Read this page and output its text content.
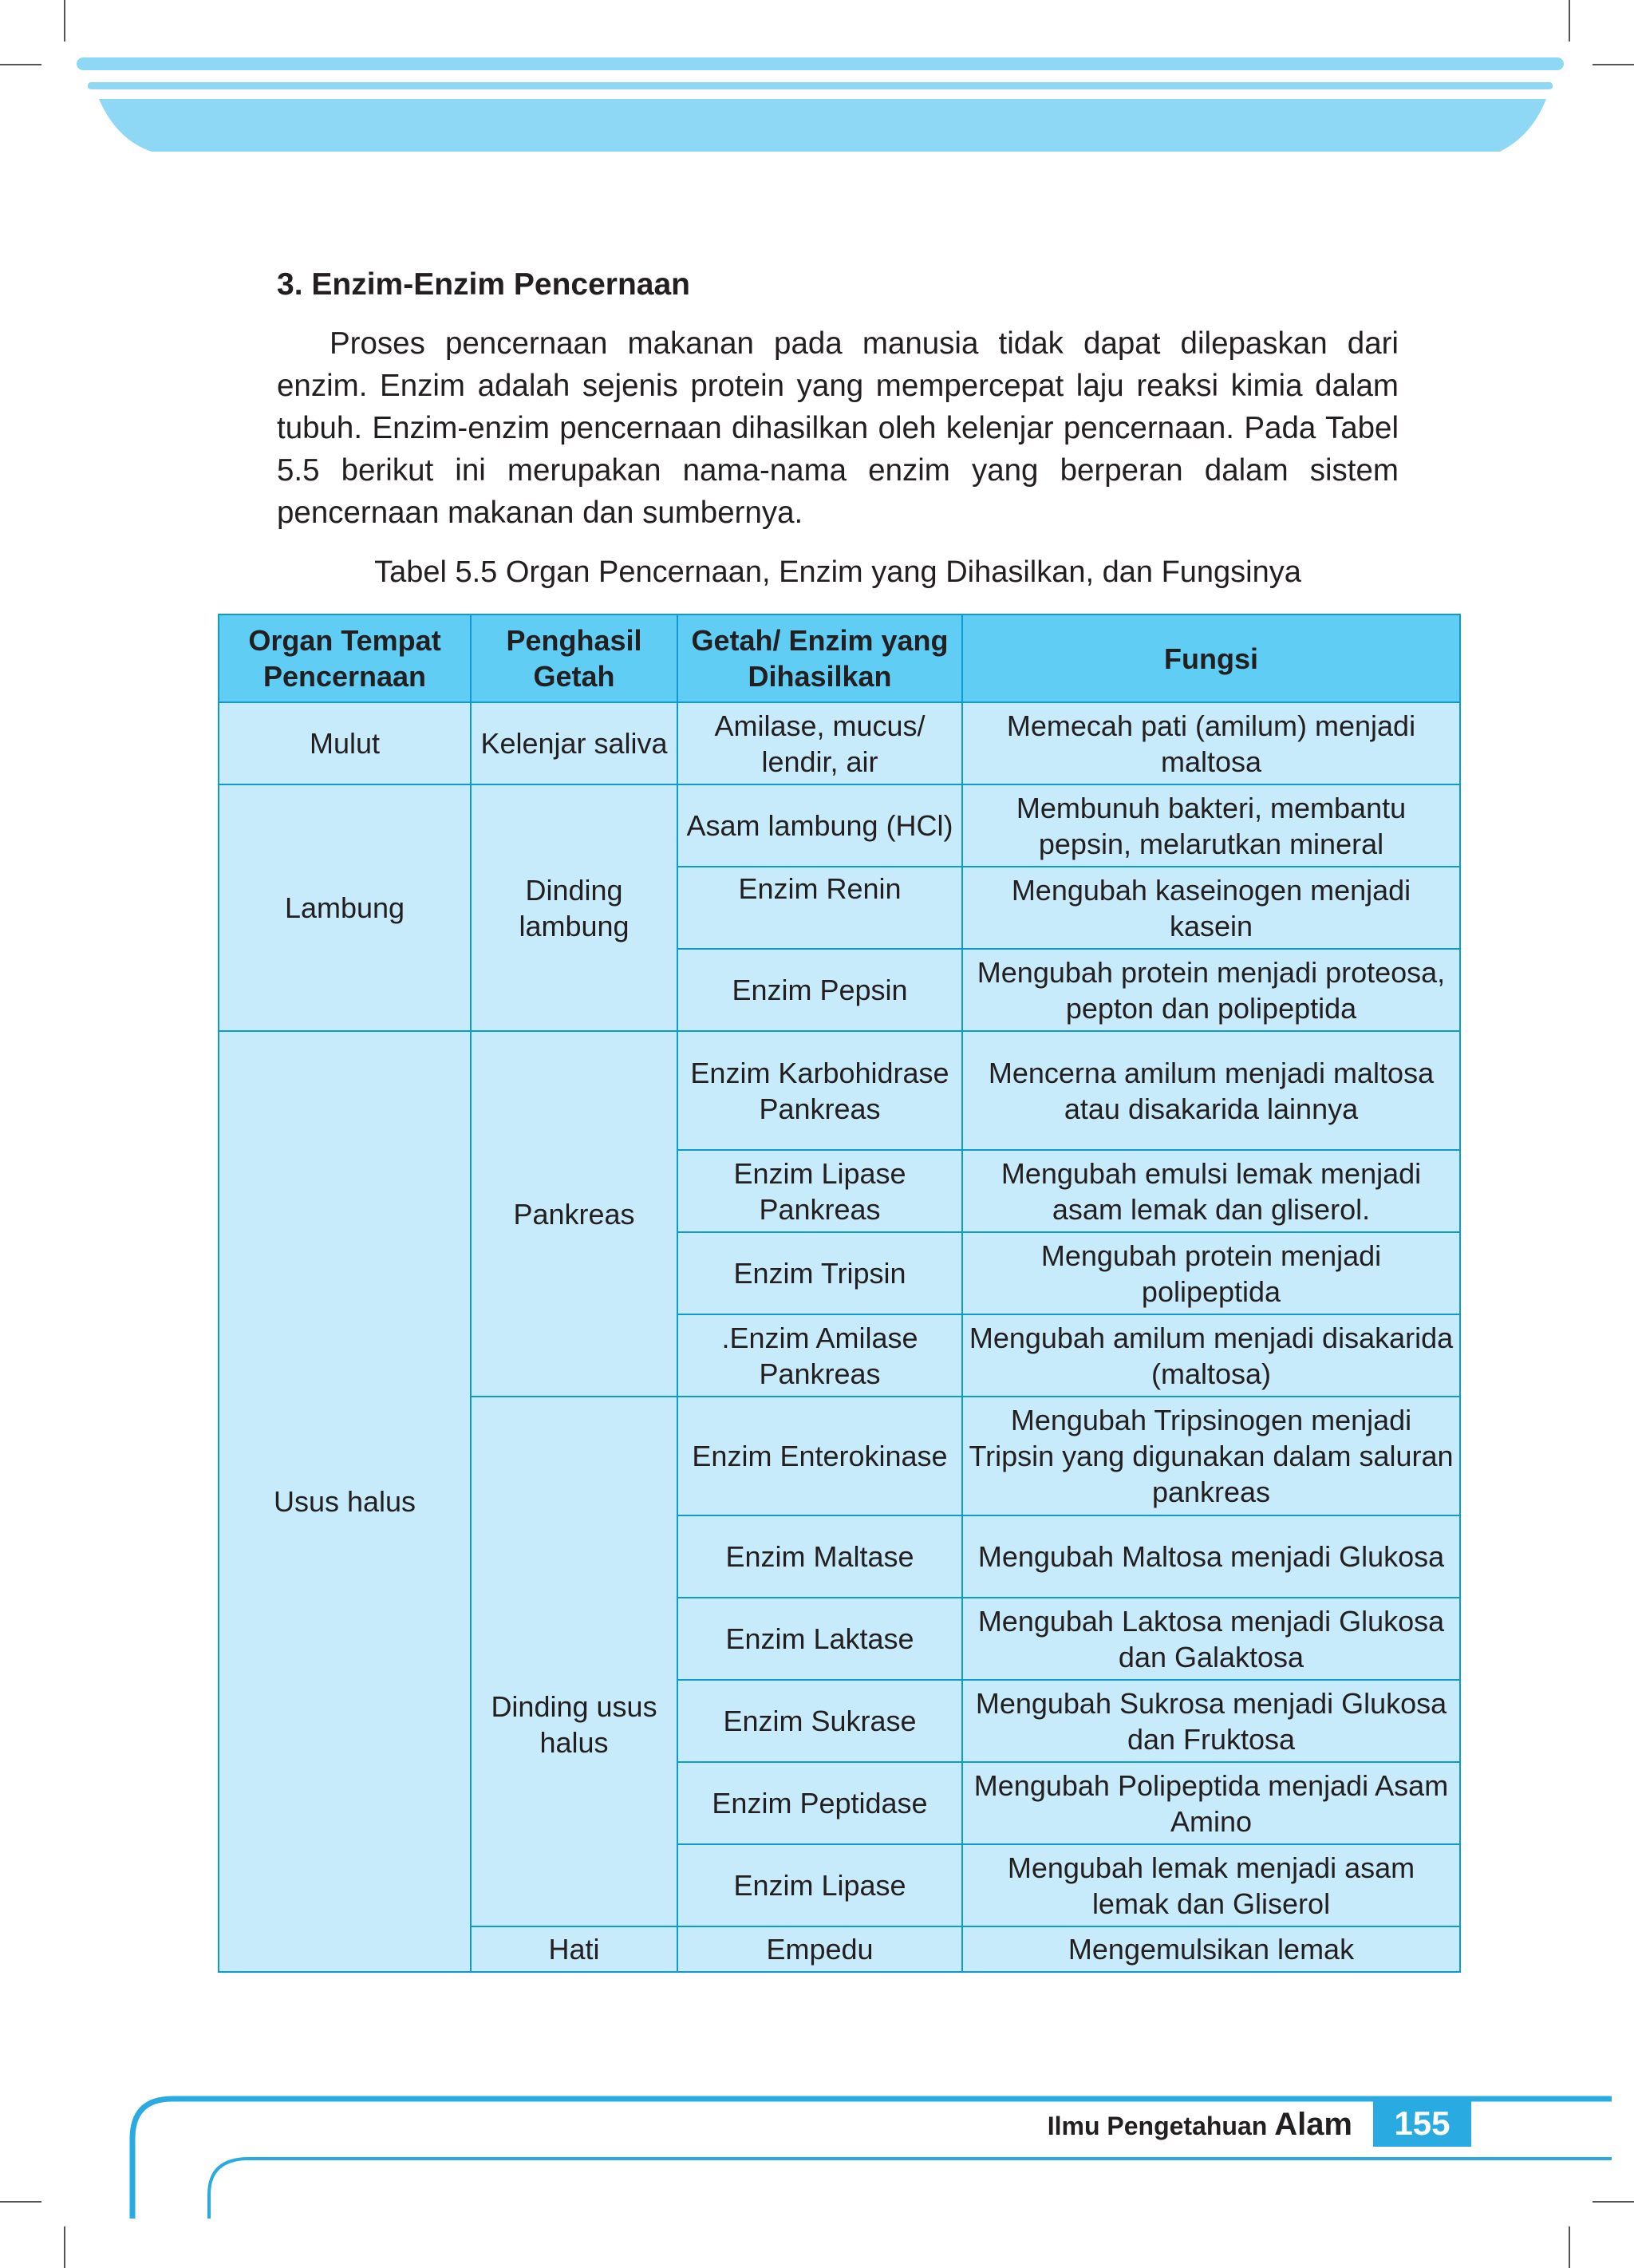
3. Enzim-Enzim Pencernaan

Proses pencernaan makanan pada manusia tidak dapat dilepaskan dari enzim. Enzim adalah sejenis protein yang mempercepat laju reaksi kimia dalam tubuh. Enzim-enzim pencernaan dihasilkan oleh kelenjar pencernaan. Pada Tabel 5.5 berikut ini merupakan nama-nama enzim yang berperan dalam sistem pencernaan makanan dan sumbernya.

Tabel 5.5 Organ Pencernaan, Enzim yang Dihasilkan, dan Fungsinya

Organ Tempat Pencernaan	Penghasil Getah	Getah/ Enzim yang Dihasilkan	Fungsi
Mulut	Kelenjar saliva	Amilase, mucus/ lendir, air	Memecah pati (amilum) menjadi maltosa
Lambung	Dinding lambung	Asam lambung (HCl)	Membunuh bakteri, membantu pepsin, melarutkan mineral
		Enzim Renin	Mengubah kaseinogen menjadi kasein
		Enzim Pepsin	Mengubah protein menjadi proteosa, pepton dan polipeptida
Usus halus	Pankreas	Enzim Karbohidrase Pankreas	Mencerna amilum menjadi maltosa atau disakarida lainnya
		Enzim Lipase Pankreas	Mengubah emulsi lemak menjadi asam lemak dan gliserol.
		Enzim Tripsin	Mengubah protein menjadi polipeptida
		.Enzim Amilase Pankreas	Mengubah amilum menjadi disakarida (maltosa)
	Dinding usus halus	Enzim Enterokinase	Mengubah Tripsinogen menjadi Tripsin yang digunakan dalam saluran pankreas
		Enzim Maltase	Mengubah Maltosa menjadi Glukosa
		Enzim Laktase	Mengubah Laktosa menjadi Glukosa dan Galaktosa
		Enzim Sukrase	Mengubah Sukrosa menjadi Glukosa dan Fruktosa
		Enzim Peptidase	Mengubah Polipeptida menjadi Asam Amino
		Enzim Lipase	Mengubah lemak menjadi asam lemak dan Gliserol
	Hati	Empedu	Mengemulsikan lemak

Ilmu Pengetahuan Alam	155
